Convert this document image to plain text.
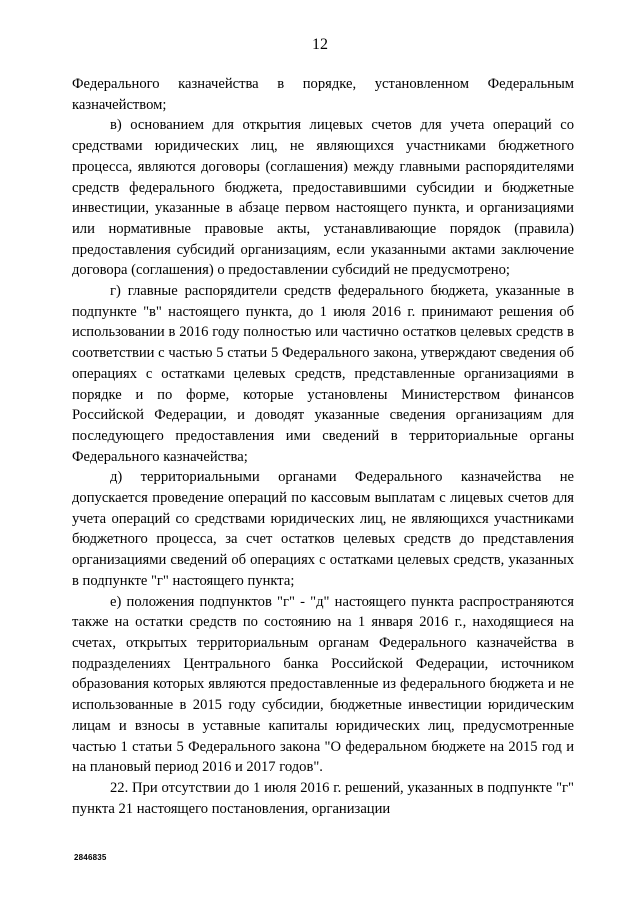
12

Федерального казначейства в порядке, установленном Федеральным казначейством;

в) основанием для открытия лицевых счетов для учета операций со средствами юридических лиц, не являющихся участниками бюджетного процесса, являются договоры (соглашения) между главными распорядителями средств федерального бюджета, предоставившими субсидии и бюджетные инвестиции, указанные в абзаце первом настоящего пункта, и организациями или нормативные правовые акты, устанавливающие порядок (правила) предоставления субсидий организациям, если указанными актами заключение договора (соглашения) о предоставлении субсидий не предусмотрено;

г) главные распорядители средств федерального бюджета, указанные в подпункте "в" настоящего пункта, до 1 июля 2016 г. принимают решения об использовании в 2016 году полностью или частично остатков целевых средств в соответствии с частью 5 статьи 5 Федерального закона, утверждают сведения об операциях с остатками целевых средств, представленные организациями в порядке и по форме, которые установлены Министерством финансов Российской Федерации, и доводят указанные сведения организациям для последующего предоставления ими сведений в территориальные органы Федерального казначейства;

д) территориальными органами Федерального казначейства не допускается проведение операций по кассовым выплатам с лицевых счетов для учета операций со средствами юридических лиц, не являющихся участниками бюджетного процесса, за счет остатков целевых средств до представления организациями сведений об операциях с остатками целевых средств, указанных в подпункте "г" настоящего пункта;

е) положения подпунктов "г" - "д" настоящего пункта распространяются также на остатки средств по состоянию на 1 января 2016 г., находящиеся на счетах, открытых территориальным органам Федерального казначейства в подразделениях Центрального банка Российской Федерации, источником образования которых являются предоставленные из федерального бюджета и не использованные в 2015 году субсидии, бюджетные инвестиции юридическим лицам и взносы в уставные капиталы юридических лиц, предусмотренные частью 1 статьи 5 Федерального закона "О федеральном бюджете на 2015 год и на плановый период 2016 и 2017 годов".

22. При отсутствии до 1 июля 2016 г. решений, указанных в подпункте "г" пункта 21 настоящего постановления, организации

2846835
